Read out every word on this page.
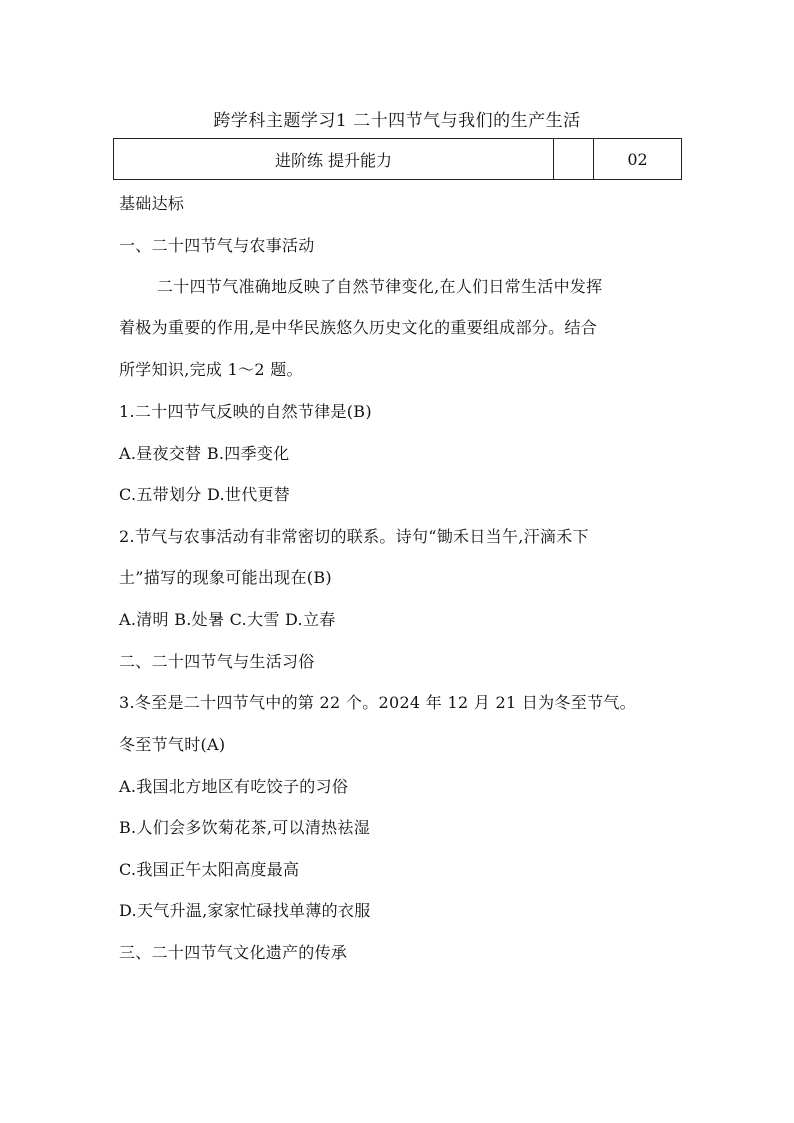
跨学科主题学习1 二十四节气与我们的生产生活
进阶练 提升能力		02
基础达标
一、二十四节气与农事活动
二十四节气准确地反映了自然节律变化,在人们日常生活中发挥
着极为重要的作用,是中华民族悠久历史文化的重要组成部分。结合
所学知识,完成 1～2 题。
1.二十四节气反映的自然节律是(B)
A.昼夜交替 B.四季变化
C.五带划分 D.世代更替
2.节气与农事活动有非常密切的联系。诗句“锄禾日当午,汗滴禾下
土”描写的现象可能出现在(B)
A.清明 B.处暑 C.大雪 D.立春
二、二十四节气与生活习俗
3.冬至是二十四节气中的第 22 个。2024 年 12 月 21 日为冬至节气。
冬至节气时(A)
A.我国北方地区有吃饺子的习俗
B.人们会多饮菊花茶,可以清热祛湿
C.我国正午太阳高度最高
D.天气升温,家家忙碌找单薄的衣服
三、二十四节气文化遗产的传承
